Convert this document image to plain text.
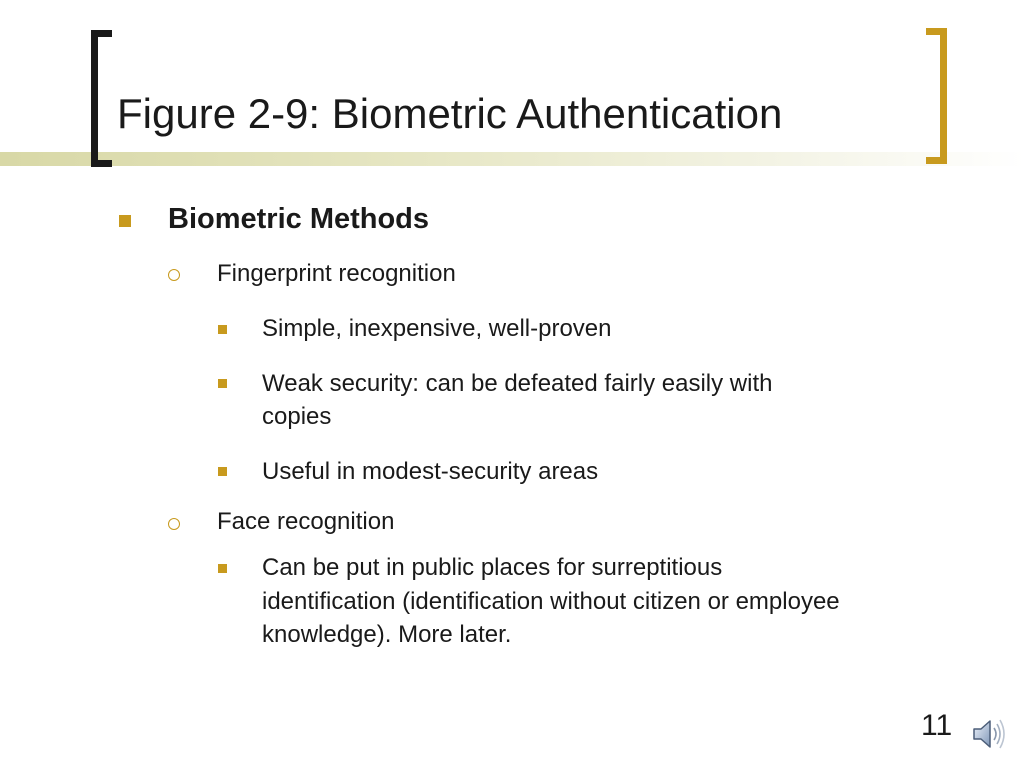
Figure 2-9: Biometric Authentication
Biometric Methods
Fingerprint recognition
Simple, inexpensive, well-proven
Weak security: can be defeated fairly easily with
copies
Useful in modest-security areas
Face recognition
Can be put in public places for surreptitious
identification (identification without citizen or employee
knowledge). More later.
11
